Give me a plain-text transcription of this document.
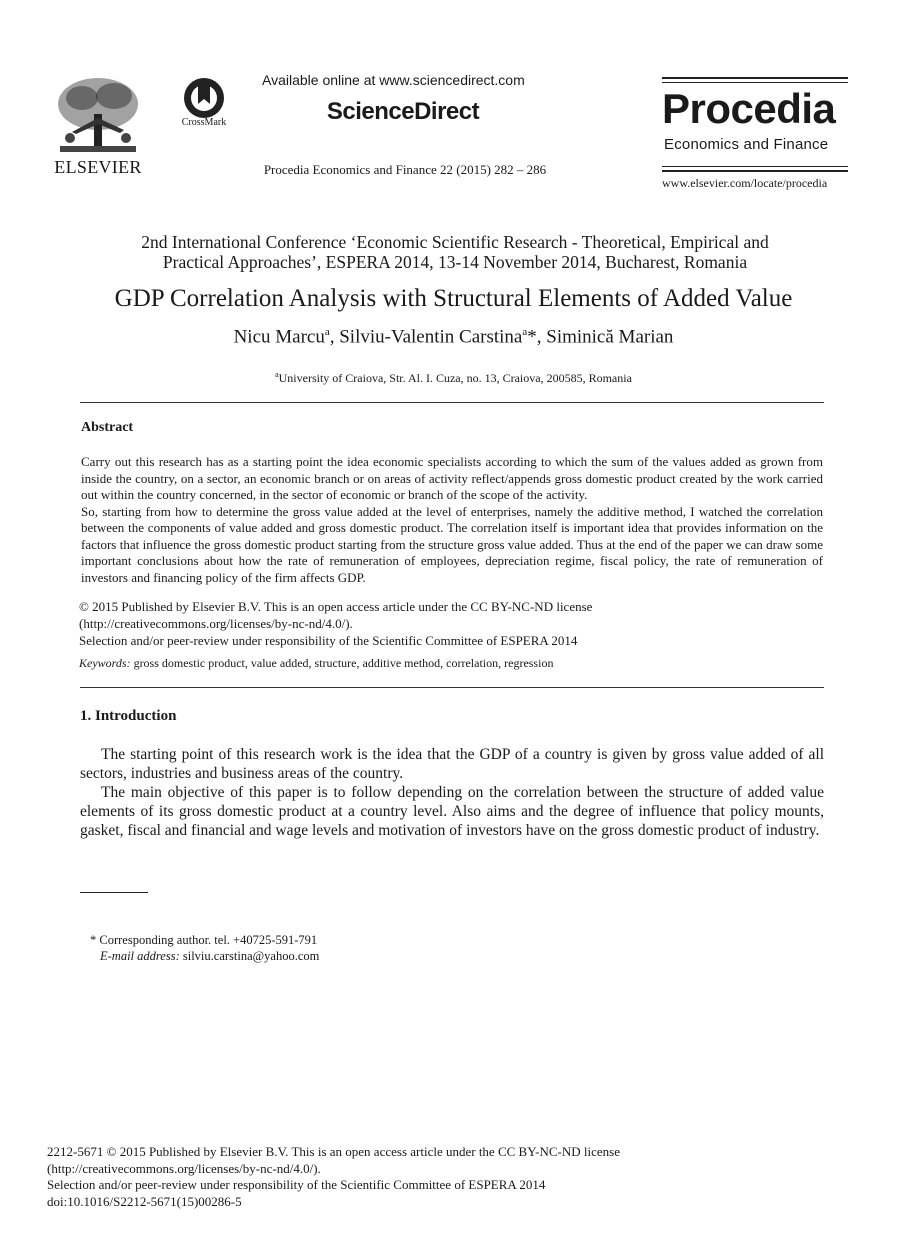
ELSEVIER
CrossMark
Available online at www.sciencedirect.com
ScienceDirect
Procedia Economics and Finance 22 (2015) 282 – 286
Procedia
Economics and Finance
www.elsevier.com/locate/procedia
2nd International Conference ‘Economic Scientific Research - Theoretical, Empirical and
Practical Approaches’, ESPERA 2014, 13-14 November 2014, Bucharest, Romania
GDP Correlation Analysis with Structural Elements of Added Value
Nicu Marcu$^a$, Silviu-Valentin Carstina$^a$*, Siminică Marian
$^a$University of Craiova, Str. Al. I. Cuza, no. 13, Craiova, 200585, Romania
Abstract

Carry out this research has as a starting point the idea economic specialists according to which the sum of the values added as grown from inside the country, on a sector, an economic branch or on areas of activity reflect/appends gross domestic product created by the work carried out within the country concerned, in the sector of economic or branch of the scope of the activity.

So, starting from how to determine the gross value added at the level of enterprises, namely the additive method, I watched the correlation between the components of value added and gross domestic product. The correlation itself is important idea that provides information on the factors that influence the gross domestic product starting from the structure gross value added. Thus at the end of the paper we can draw some important conclusions about how the rate of remuneration of employees, depreciation regime, fiscal policy, the rate of remuneration of investors and financing policy of the firm affects GDP.

© 2015 Published by Elsevier B.V. This is an open access article under the CC BY-NC-ND license

(http://creativecommons.org/licenses/by-nc-nd/4.0/).

Selection and/or peer-review under responsibility of the Scientific Committee of ESPERA 2014

Keywords: gross domestic product, value added, structure, additive method, correlation, regression
1. Introduction

The starting point of this research work is the idea that the GDP of a country is given by gross value added of all sectors, industries and business areas of the country.

The main objective of this paper is to follow depending on the correlation between the structure of added value elements of its gross domestic product at a country level. Also aims and the degree of influence that policy mounts, gasket, fiscal and financial and wage levels and motivation of investors have on the gross domestic product of industry.

* Corresponding author. tel. +40725-591-791

E-mail address: silviu.carstina@yahoo.com

2212-5671 © 2015 Published by Elsevier B.V. This is an open access article under the CC BY-NC-ND license

(http://creativecommons.org/licenses/by-nc-nd/4.0/).

Selection and/or peer-review under responsibility of the Scientific Committee of ESPERA 2014

doi:10.1016/S2212-5671(15)00286-5
